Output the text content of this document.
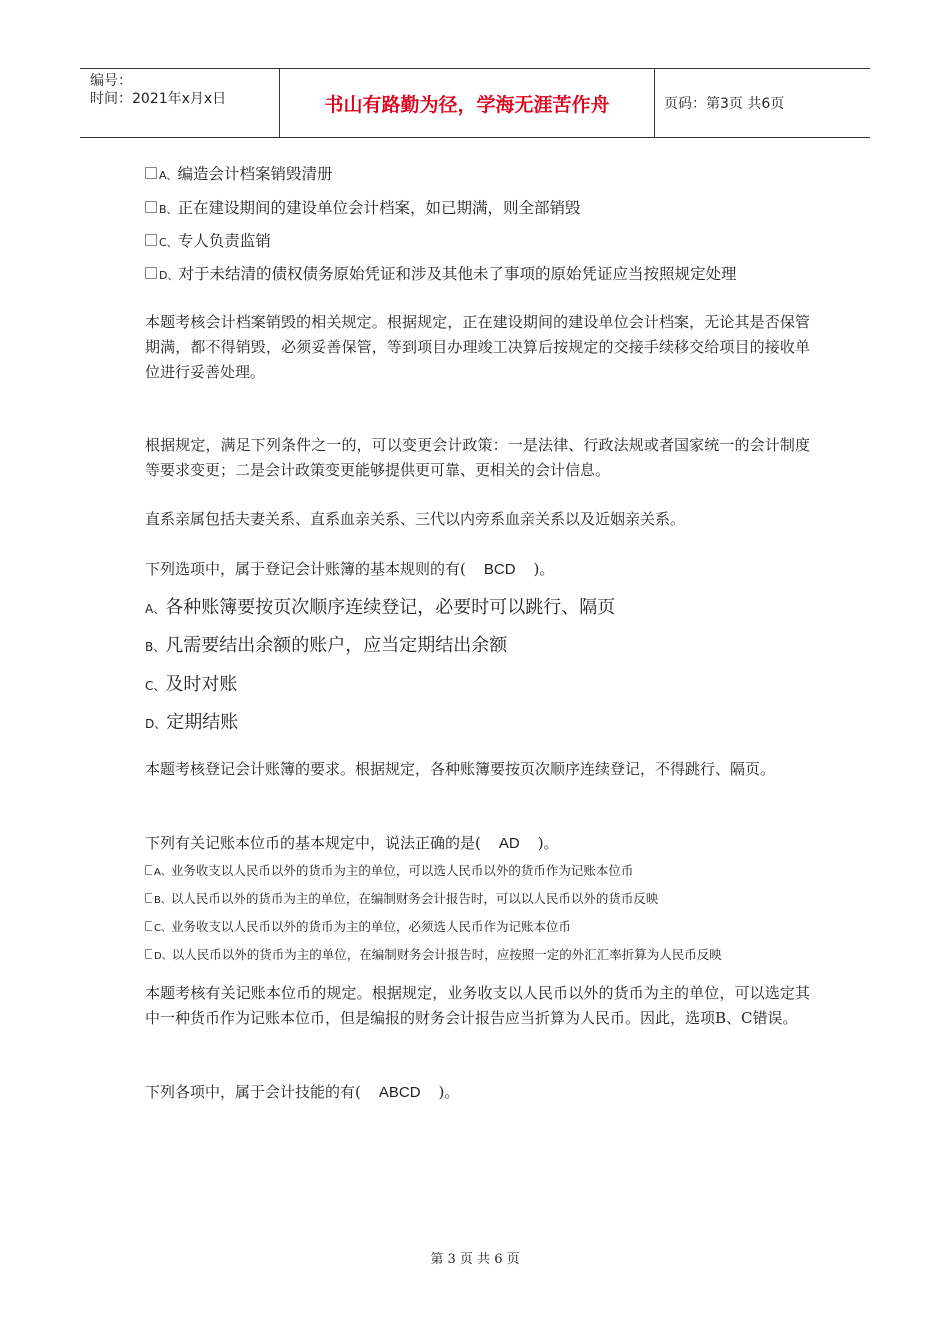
编号：
时间：2021年x月x日	书山有路勤为径，学海无涯苦作舟	页码：第3页 共6页
A、编造会计档案销毁清册
B、正在建设期间的建设单位会计档案，如已期满，则全部销毁
C、专人负责监销
D、对于未结清的债权债务原始凭证和涉及其他未了事项的原始凭证应当按照规定处理
本题考核会计档案销毁的相关规定。根据规定，正在建设期间的建设单位会计档案，无论其是否保管期满，都不得销毁，必须妥善保管，等到项目办理竣工决算后按规定的交接手续移交给项目的接收单位进行妥善处理。
根据规定，满足下列条件之一的，可以变更会计政策：一是法律、行政法规或者国家统一的会计制度等要求变更；二是会计政策变更能够提供更可靠、更相关的会计信息。
直系亲属包括夫妻关系、直系血亲关系、三代以内旁系血亲关系以及近姻亲关系。
下列选项中，属于登记会计账簿的基本规则的有( BCD )。
A、各种账簿要按页次顺序连续登记，必要时可以跳行、隔页
B、凡需要结出余额的账户，应当定期结出余额
C、及时对账
D、定期结账
本题考核登记会计账簿的要求。根据规定，各种账簿要按页次顺序连续登记，不得跳行、隔页。
下列有关记账本位币的基本规定中，说法正确的是( AD )。
A、业务收支以人民币以外的货币为主的单位，可以选人民币以外的货币作为记账本位币
B、以人民币以外的货币为主的单位，在编制财务会计报告时，可以以人民币以外的货币反映
C、业务收支以人民币以外的货币为主的单位，必须选人民币作为记账本位币
D、以人民币以外的货币为主的单位，在编制财务会计报告时，应按照一定的外汇汇率折算为人民币反映
本题考核有关记账本位币的规定。根据规定，业务收支以人民币以外的货币为主的单位，可以选定其中一种货币作为记账本位币，但是编报的财务会计报告应当折算为人民币。因此，选项B、C错误。
下列各项中，属于会计技能的有( ABCD )。
第 3 页 共 6 页
